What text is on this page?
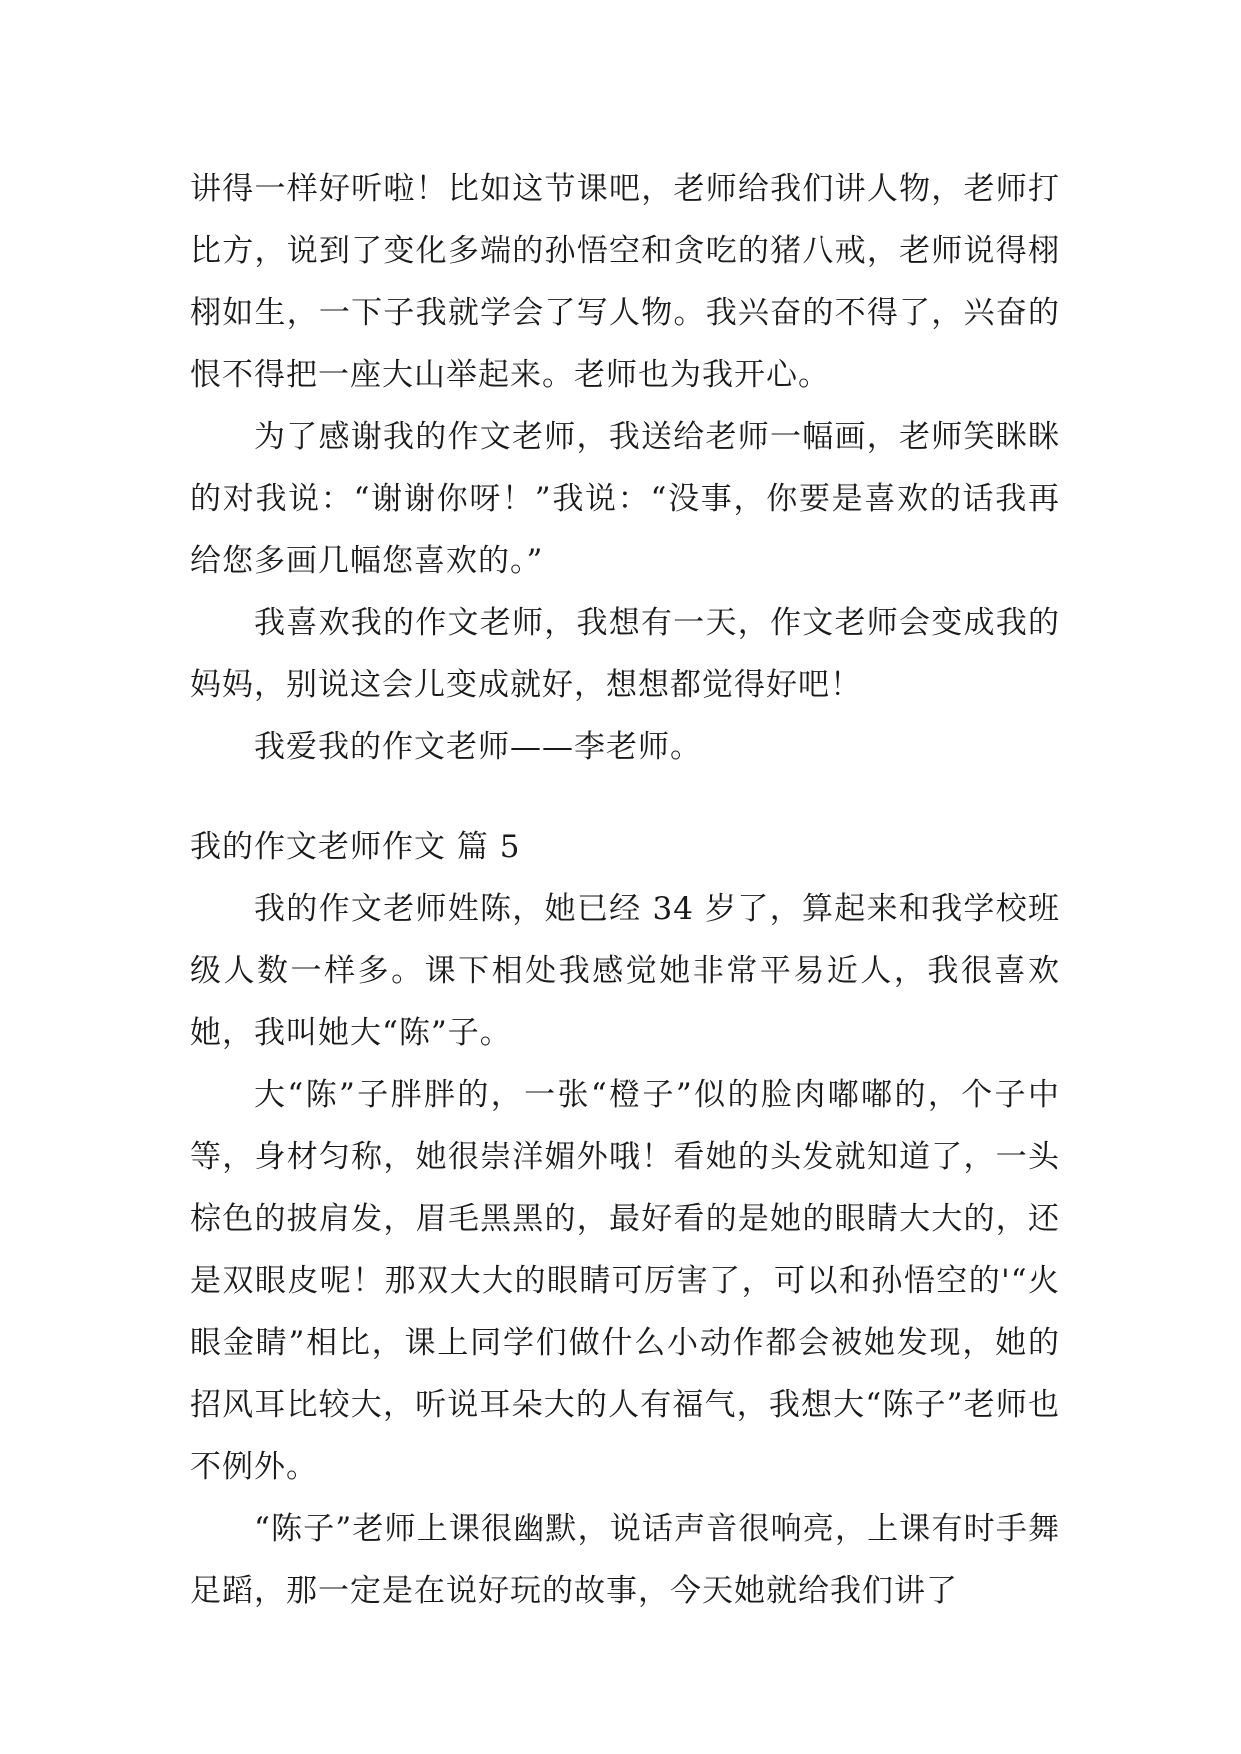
讲得一样好听啦！比如这节课吧，老师给我们讲人物，老师打比方，说到了变化多端的孙悟空和贪吃的猪八戒，老师说得栩栩如生，一下子我就学会了写人物。我兴奋的不得了，兴奋的恨不得把一座大山举起来。老师也为我开心。

为了感谢我的作文老师，我送给老师一幅画，老师笑眯眯的对我说：“谢谢你呀！”我说：“没事，你要是喜欢的话我再给您多画几幅您喜欢的。”

我喜欢我的作文老师，我想有一天，作文老师会变成我的妈妈，别说这会儿变成就好，想想都觉得好吧！

我爱我的作文老师——李老师。

我的作文老师作文 篇 5

我的作文老师姓陈，她已经 34 岁了，算起来和我学校班级人数一样多。课下相处我感觉她非常平易近人，我很喜欢她，我叫她大“陈”子。

大“陈”子胖胖的，一张“橙子”似的脸肉嘟嘟的，个子中等，身材匀称，她很崇洋媚外哦！看她的头发就知道了，一头棕色的披肩发，眉毛黑黑的，最好看的是她的眼睛大大的，还是双眼皮呢！那双大大的眼睛可厉害了，可以和孙悟空的'“火眼金睛”相比，课上同学们做什么小动作都会被她发现，她的招风耳比较大，听说耳朵大的人有福气，我想大“陈子”老师也不例外。

“陈子”老师上课很幽默，说话声音很响亮，上课有时手舞足蹈，那一定是在说好玩的故事，今天她就给我们讲了
